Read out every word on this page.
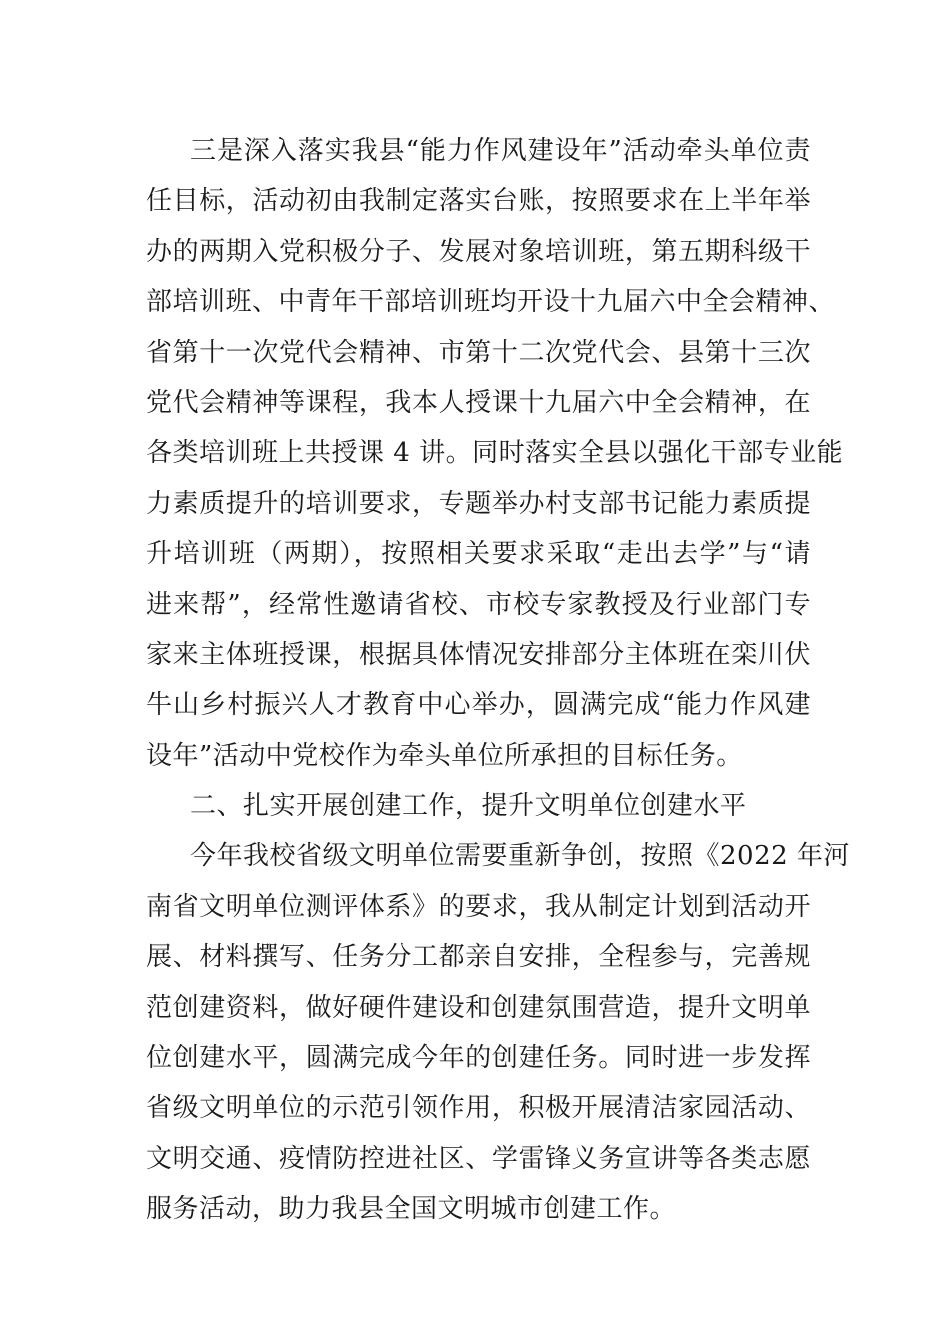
三是深入落实我县“能力作风建设年”活动牵头单位责
任目标，活动初由我制定落实台账，按照要求在上半年举
办的两期入党积极分子、发展对象培训班，第五期科级干
部培训班、中青年干部培训班均开设十九届六中全会精神、
省第十一次党代会精神、市第十二次党代会、县第十三次
党代会精神等课程，我本人授课十九届六中全会精神，在
各类培训班上共授课 4 讲。同时落实全县以强化干部专业能
力素质提升的培训要求，专题举办村支部书记能力素质提
升培训班（两期），按照相关要求采取“走出去学”与“请
进来帮”，经常性邀请省校、市校专家教授及行业部门专
家来主体班授课，根据具体情况安排部分主体班在栾川伏
牛山乡村振兴人才教育中心举办，圆满完成“能力作风建
设年”活动中党校作为牵头单位所承担的目标任务。
二、扎实开展创建工作，提升文明单位创建水平
今年我校省级文明单位需要重新争创，按照《2022 年河
南省文明单位测评体系》的要求，我从制定计划到活动开
展、材料撰写、任务分工都亲自安排，全程参与，完善规
范创建资料，做好硬件建设和创建氛围营造，提升文明单
位创建水平，圆满完成今年的创建任务。同时进一步发挥
省级文明单位的示范引领作用，积极开展清洁家园活动、
文明交通、疫情防控进社区、学雷锋义务宣讲等各类志愿
服务活动，助力我县全国文明城市创建工作。
